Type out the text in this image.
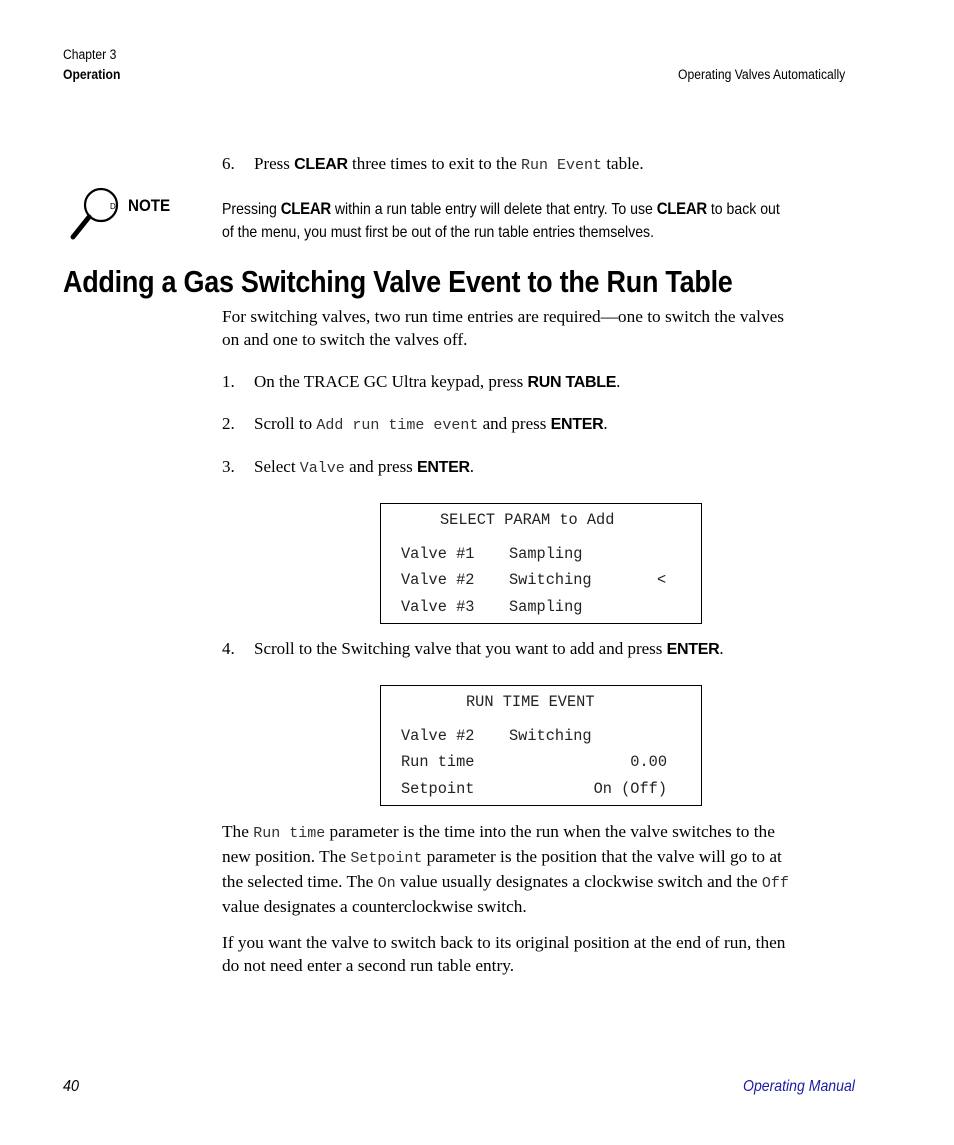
Chapter 3
Operation	Operating Valves Automatically
6. Press CLEAR three times to exit to the Run Event table.
D NOTE	Pressing CLEAR within a run table entry will delete that entry. To use CLEAR to back out
of the menu, you must first be out of the run table entries themselves.
Adding a Gas Switching Valve Event to the Run Table
For switching valves, two run time entries are required—one to switch the valves
on and one to switch the valves off.
1. On the TRACE GC Ultra keypad, press RUN TABLE.
2. Scroll to Add run time event and press ENTER.
3. Select Valve and press ENTER.
SELECT PARAM to Add
Valve #1 Sampling
Valve #2 Switching	<
Valve #3 Sampling
4. Scroll to the Switching valve that you want to add and press ENTER.
RUN TIME EVENT
Valve #2 Switching
Run time	0.00
Setpoint	On (Off)
The Run time parameter is the time into the run when the valve switches to the
new position. The Setpoint parameter is the position that the valve will go to at
the selected time. The On value usually designates a clockwise switch and the Off
value designates a counterclockwise switch.
If you want the valve to switch back to its original position at the end of run, then
do not need enter a second run table entry.
40	Operating Manual
